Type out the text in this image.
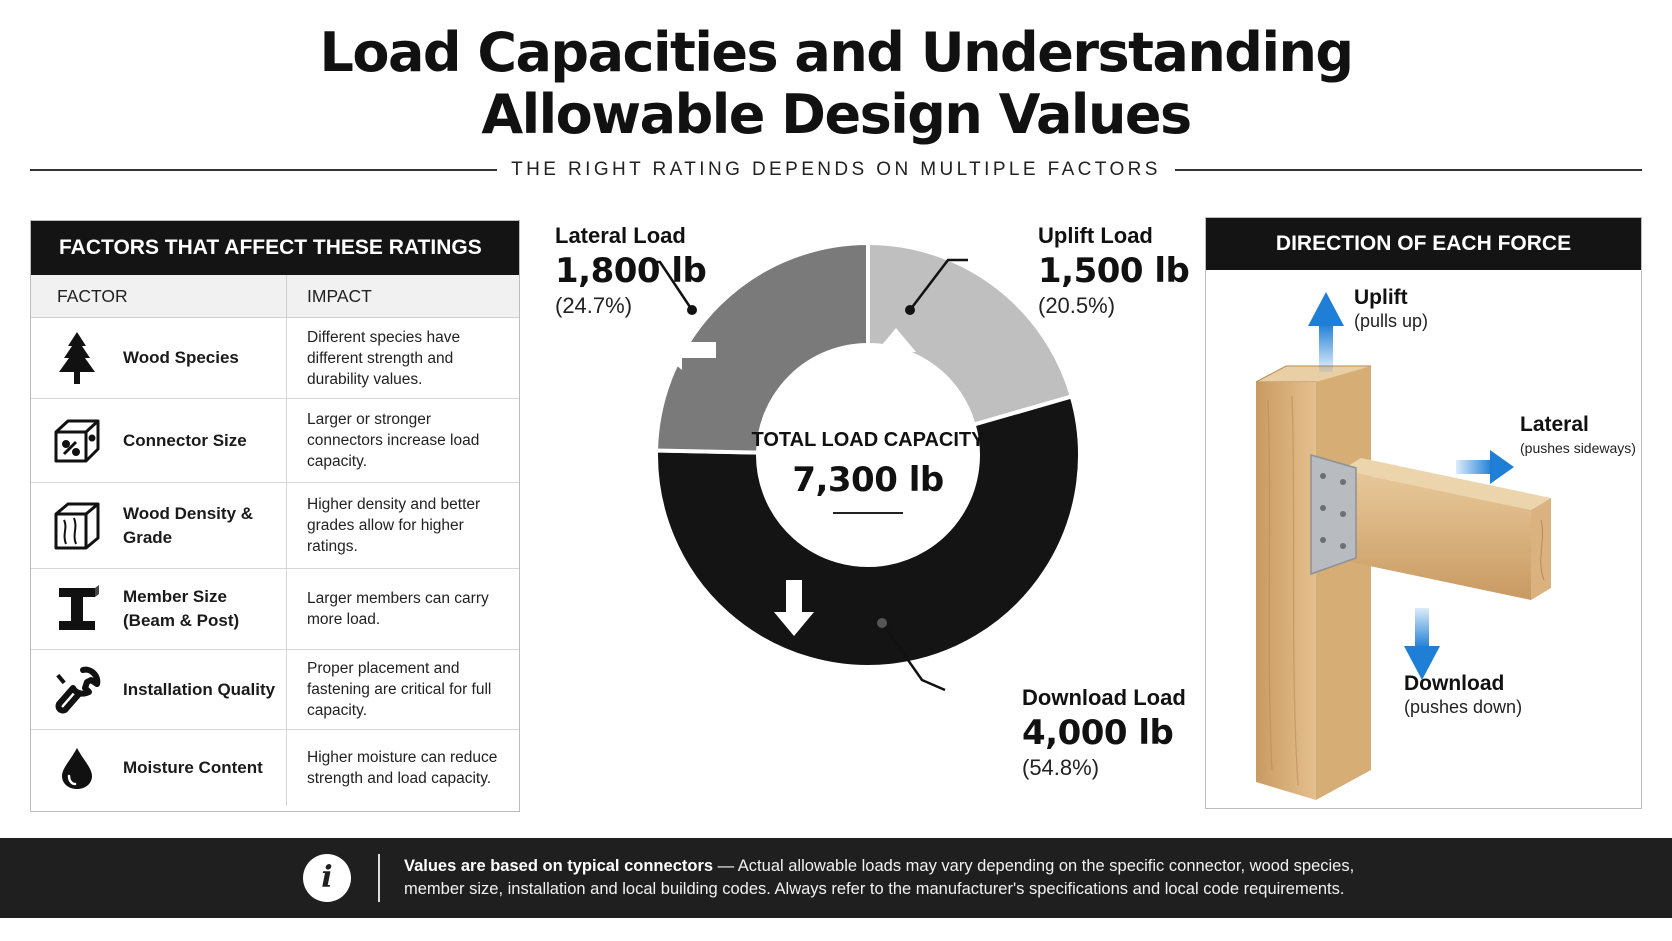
Load Capacities and Understanding
Allowable Design Values
THE RIGHT RATING DEPENDS ON MULTIPLE FACTORS
FACTORS THAT AFFECT THESE RATINGS
FACTOR	IMPACT
Wood Species
Different species have different strength and durability values.
Connector Size
Larger or stronger connectors increase load capacity.
Wood Density & Grade
Higher density and better grades allow for higher ratings.
Member Size (Beam & Post)
Larger members can carry more load.
Installation Quality
Proper placement and fastening are critical for full capacity.
Moisture Content
Higher moisture can reduce strength and load capacity.
Lateral Load
1,800 lb
(24.7%)
Uplift Load
1,500 lb
(20.5%)
Download Load
4,000 lb
(54.8%)
TOTAL LOAD CAPACITY
7,300 lb
DIRECTION OF EACH FORCE
Uplift
(pulls up)
Lateral
(pushes sideways)
Download
(pushes down)
i	Values are based on typical connectors — Actual allowable loads may vary depending on the specific connector, wood species, member size, installation and local building codes. Always refer to the manufacturer's specifications and local code requirements.
